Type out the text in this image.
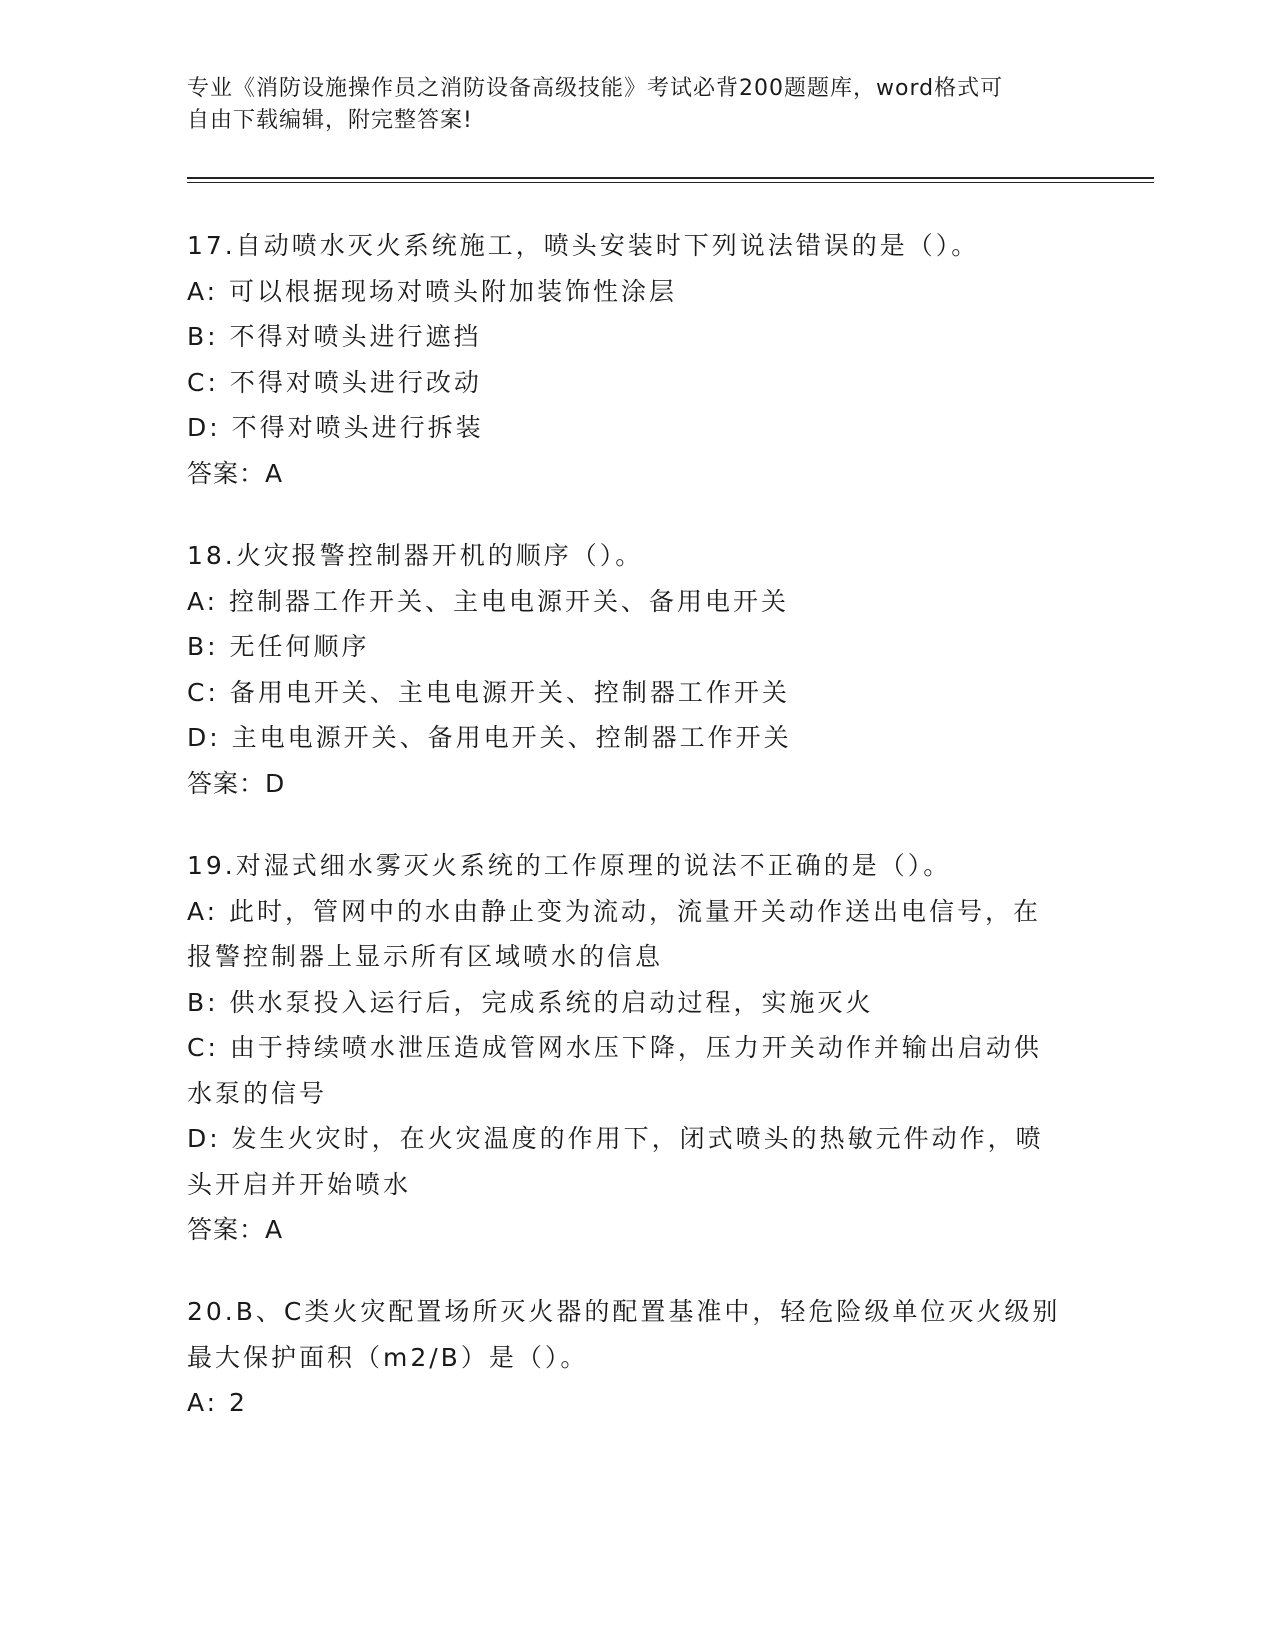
专业《消防设施操作员之消防设备高级技能》考试必背200题题库，word格式可
自由下载编辑，附完整答案!
17.自动喷水灭火系统施工，喷头安装时下列说法错误的是（）。
A: 可以根据现场对喷头附加装饰性涂层
B: 不得对喷头进行遮挡
C: 不得对喷头进行改动
D: 不得对喷头进行拆装
答案：A
18.火灾报警控制器开机的顺序（）。
A: 控制器工作开关、主电电源开关、备用电开关
B: 无任何顺序
C: 备用电开关、主电电源开关、控制器工作开关
D: 主电电源开关、备用电开关、控制器工作开关
答案：D
19.对湿式细水雾灭火系统的工作原理的说法不正确的是（）。
A: 此时，管网中的水由静止变为流动，流量开关动作送出电信号，在
报警控制器上显示所有区域喷水的信息
B: 供水泵投入运行后，完成系统的启动过程，实施灭火
C: 由于持续喷水泄压造成管网水压下降，压力开关动作并输出启动供
水泵的信号
D: 发生火灾时，在火灾温度的作用下，闭式喷头的热敏元件动作，喷
头开启并开始喷水
答案：A
20.B、C类火灾配置场所灭火器的配置基准中，轻危险级单位灭火级别
最大保护面积（m2/B）是（）。
A: 2
